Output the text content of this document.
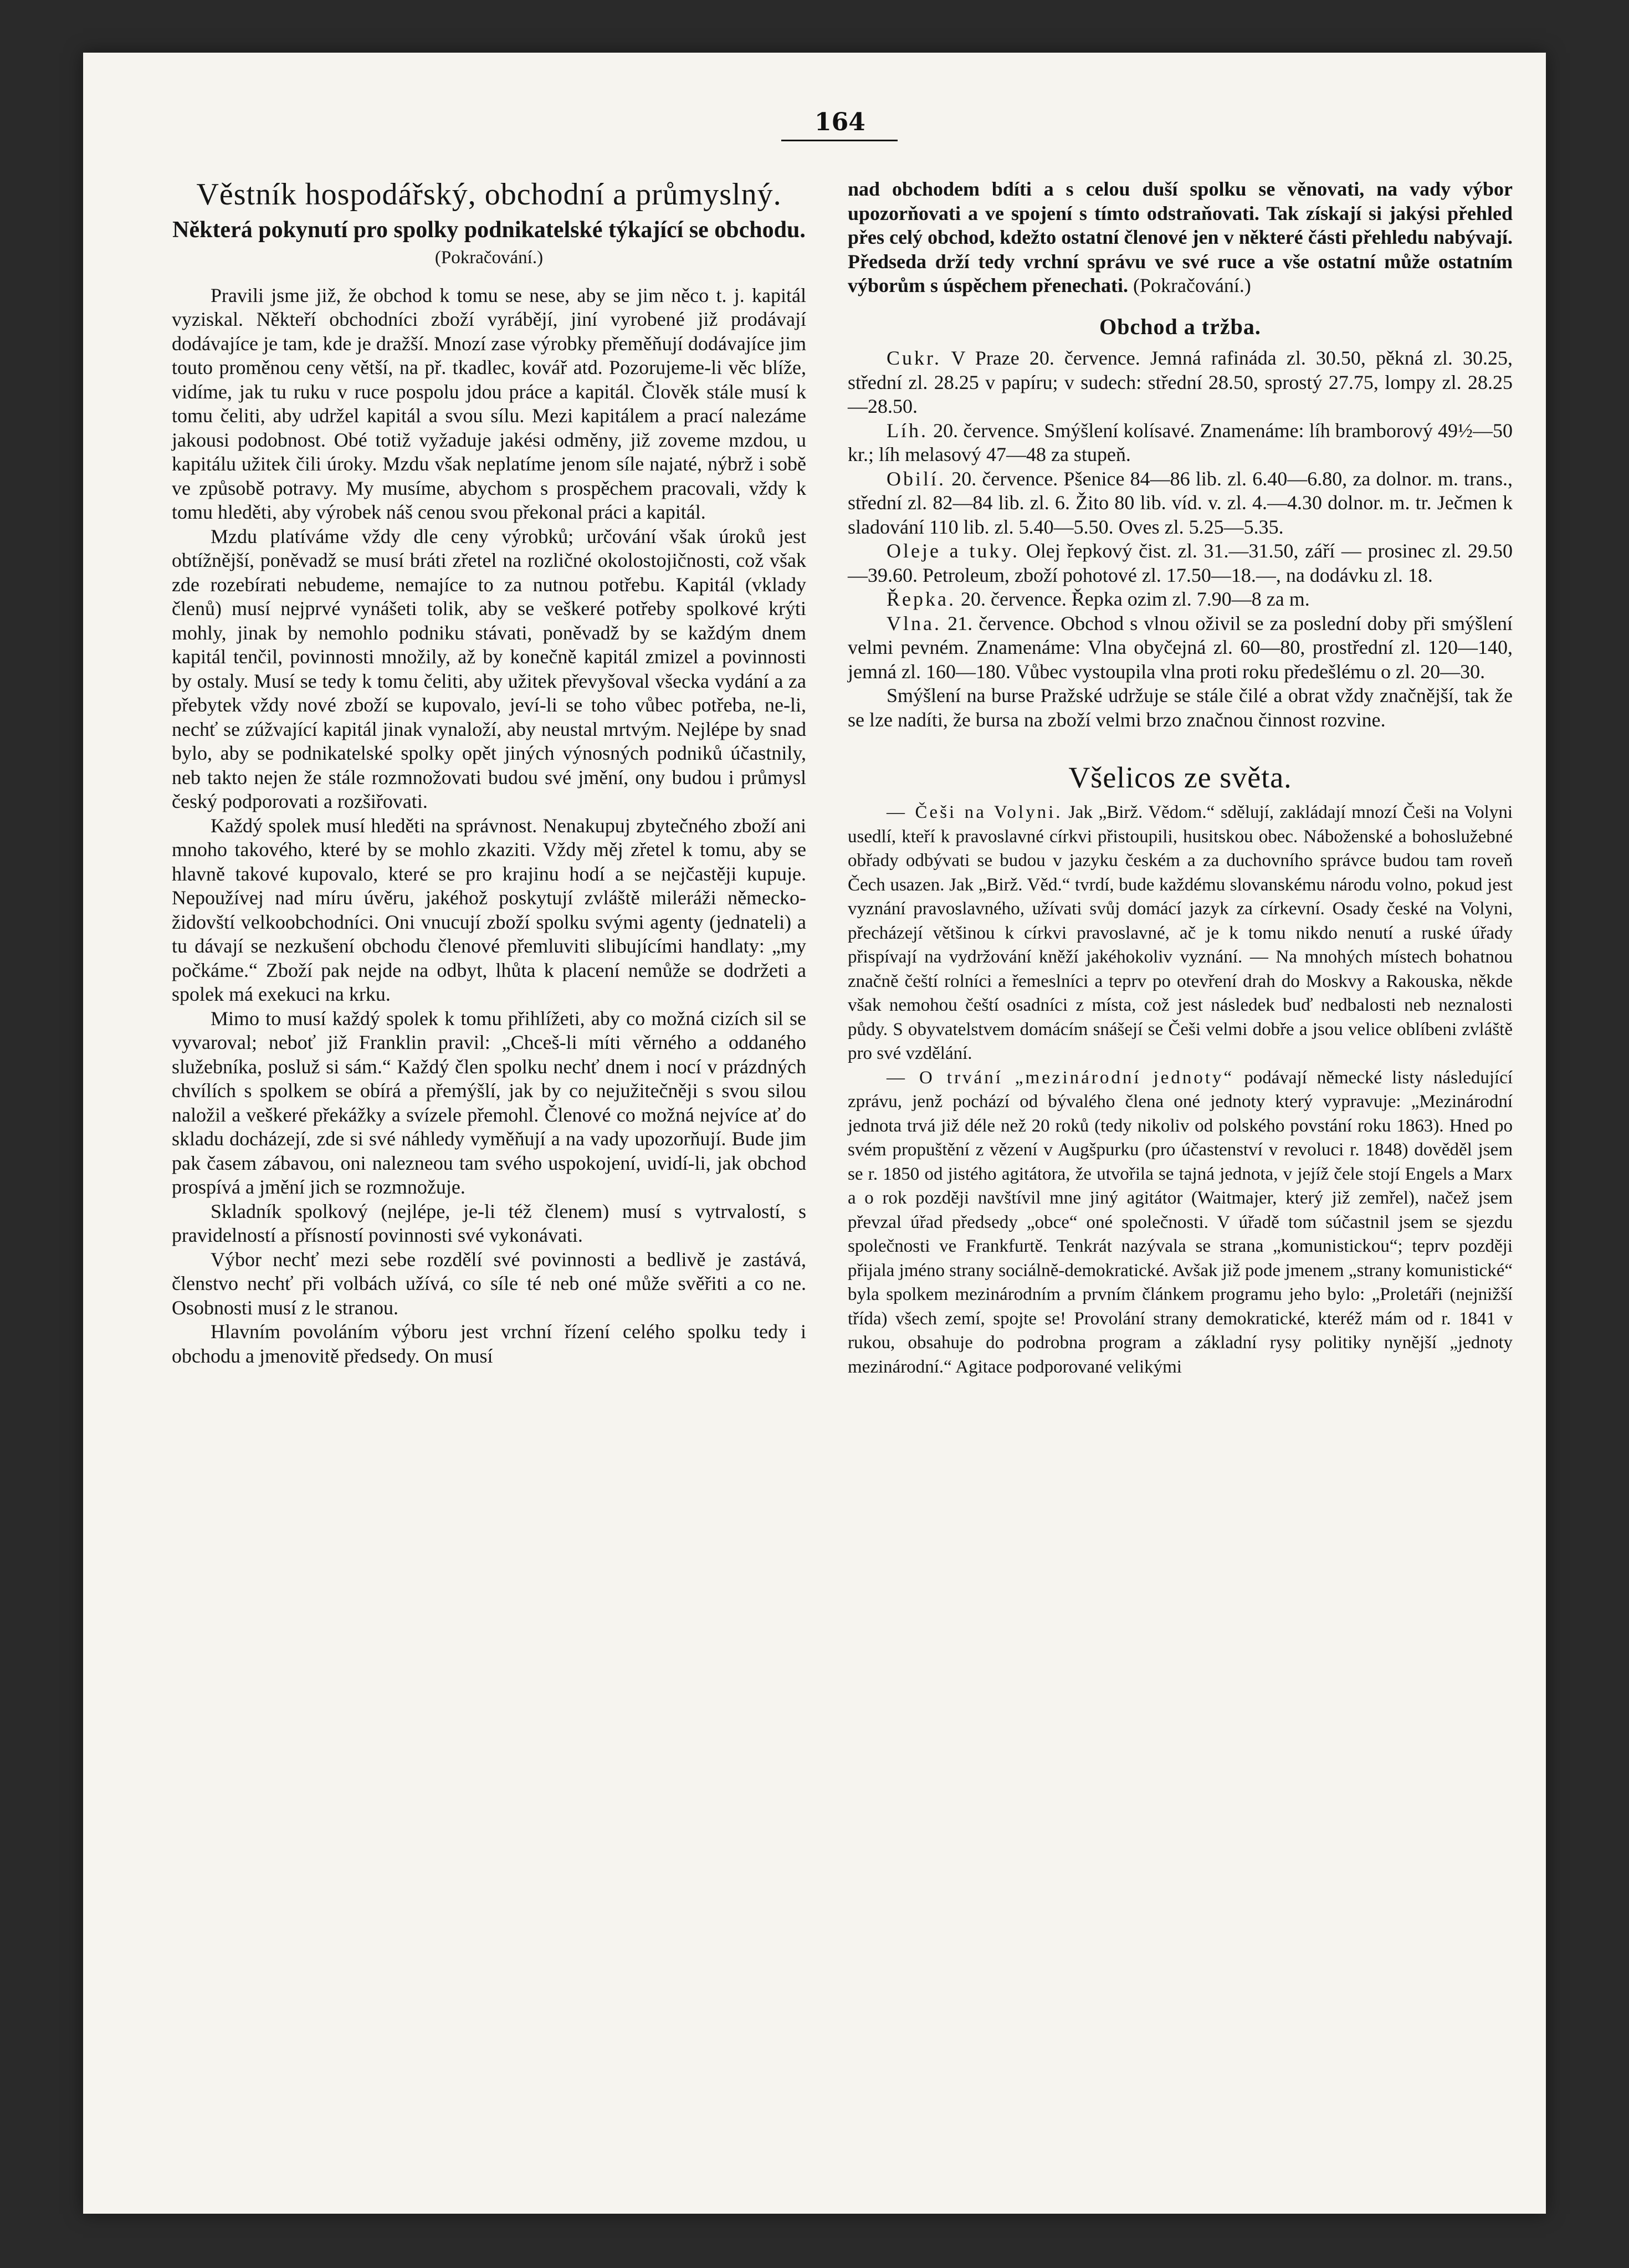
164
Věstník hospodářský, obchodní a průmyslný.
Některá pokynutí pro spolky podnikatelské týkající se obchodu.
(Pokračování.)

Pravili jsme již, že obchod k tomu se nese, aby se jim něco t. j. kapitál vyziskal. Někteří obchodníci zboží vyrábějí, jiní vyrobené již prodávají dodávajíce je tam, kde je dražší. Mnozí zase výrobky přeměňují dodávajíce jim touto proměnou ceny větší, na př. tkadlec, kovář atd. Pozorujeme-li věc blíže, vidíme, jak tu ruku v ruce pospolu jdou práce a kapitál. Člověk stále musí k tomu čeliti, aby udržel kapitál a svou sílu. Mezi kapitálem a prací nalezáme jakousi podobnost. Obé totiž vyžaduje jakési odměny, již zoveme mzdou, u kapitálu užitek čili úroky. Mzdu však neplatíme jenom síle najaté, nýbrž i sobě ve způsobě potravy. My musíme, abychom s prospěchem pracovali, vždy k tomu hleděti, aby výrobek náš cenou svou překonal práci a kapitál.

Mzdu platíváme vždy dle ceny výrobků; určování však úroků jest obtížnější, poněvadž se musí bráti zřetel na rozličné okolostojičnosti, což však zde rozebírati nebudeme, nemajíce to za nutnou potřebu. Kapitál (vklady členů) musí nejprvé vynášeti tolik, aby se veškeré potřeby spolkové krýti mohly, jinak by nemohlo podniku stávati, poněvadž by se každým dnem kapitál tenčil, povinnosti množily, až by konečně kapitál zmizel a povinnosti by ostaly. Musí se tedy k tomu čeliti, aby užitek převyšoval všecka vydání a za přebytek vždy nové zboží se kupovalo, jeví-li se toho vůbec potřeba, ne-li, nechť se zúžvající kapitál jinak vynaloží, aby neustal mrtvým. Nejlépe by snad bylo, aby se podnikatelské spolky opět jiných výnosných podniků účastnily, neb takto nejen že stále rozmnožovati budou své jmění, ony budou i průmysl český podporovati a rozšiřovati.

Každý spolek musí hleděti na správnost. Nenakupuj zbytečného zboží ani mnoho takového, které by se mohlo zkaziti. Vždy měj zřetel k tomu, aby se hlavně takové kupovalo, které se pro krajinu hodí a se nejčastěji kupuje. Nepoužívej nad míru úvěru, jakéhož poskytují zvláště mileráži německo-židovští velkoobchodníci. Oni vnucují zboží spolku svými agenty (jednateli) a tu dávají se nezkušení obchodu členové přemluviti slibujícími handlaty: „my počkáme.“ Zboží pak nejde na odbyt, lhůta k placení nemůže se dodržeti a spolek má exekuci na krku.

Mimo to musí každý spolek k tomu přihlížeti, aby co možná cizích sil se vyvaroval; neboť již Franklin pravil: „Chceš-li míti věrného a oddaného služebníka, posluž si sám.“ Každý člen spolku nechť dnem i nocí v prázdných chvílích s spolkem se obírá a přemýšlí, jak by co nejužitečněji s svou silou naložil a veškeré překážky a svízele přemohl. Členové co možná nejvíce ať do skladu docházejí, zde si své náhledy vyměňují a na vady upozorňují. Bude jim pak časem zábavou, oni nalezneou tam svého uspokojení, uvidí-li, jak obchod prospívá a jmění jich se rozmnožuje.

Skladník spolkový (nejlépe, je-li též členem) musí s vytrvalostí, s pravidelností a přísností povinnosti své vykonávati.

Výbor nechť mezi sebe rozdělí své povinnosti a bedlivě je zastává, členstvo nechť při volbách užívá, co síle té neb oné může svěřiti a co ne. Osobnosti musí z le stranou.

Hlavním povoláním výboru jest vrchní řízení celého spolku tedy i obchodu a jmenovitě předsedy. On musí

nad obchodem bdíti a s celou duší spolku se věnovati, na vady výbor upozorňovati a ve spojení s tímto odstraňovati. Tak získají si jakýsi přehled přes celý obchod, kdežto ostatní členové jen v některé části přehledu nabývají. Předseda drží tedy vrchní správu ve své ruce a vše ostatní může ostatním výborům s úspěchem přenechati. (Pokračování.)

Obchod a tržba.

Cukr. V Praze 20. července. Jemná rafináda zl. 30.50, pěkná zl. 30.25, střední zl. 28.25 v papíru; v sudech: střední 28.50, sprostý 27.75, lompy zl. 28.25—28.50.

Líh. 20. července. Smýšlení kolísavé. Znamenáme: líh bramborový 49½—50 kr.; líh melasový 47—48 za stupeň.

Obilí. 20. července. Pšenice 84—86 lib. zl. 6.40—6.80, za dolnor. m. trans., střední zl. 82—84 lib. zl. 6. Žito 80 lib. víd. v. zl. 4.—4.30 dolnor. m. tr. Ječmen k sladování 110 lib. zl. 5.40—5.50. Oves zl. 5.25—5.35.

Oleje a tuky. Olej řepkový čist. zl. 31.—31.50, září — prosinec zl. 29.50—39.60. Petroleum, zboží pohotové zl. 17.50—18.—, na dodávku zl. 18.

Řepka. 20. července. Řepka ozim zl. 7.90—8 za m.

Vlna. 21. července. Obchod s vlnou oživil se za poslední doby při smýšlení velmi pevném. Znamenáme: Vlna obyčejná zl. 60—80, prostřední zl. 120—140, jemná zl. 160—180. Vůbec vystoupila vlna proti roku předešlému o zl. 20—30.

Smýšlení na burse Pražské udržuje se stále čilé a obrat vždy značnější, tak že se lze nadíti, že bursa na zboží velmi brzo značnou činnost rozvine.

Všelicos ze světa.

— Češi na Volyni. Jak „Birž. Vědom.“ sdělují, zakládají mnozí Češi na Volyni usedlí, kteří k pravoslavné církvi přistoupili, husitskou obec. Náboženské a bohoslužebné obřady odbývati se budou v jazyku českém a za duchovního správce budou tam roveň Čech usazen. Jak „Birž. Věd.“ tvrdí, bude každému slovanskému národu volno, pokud jest vyznání pravoslavného, užívati svůj domácí jazyk za církevní. Osady české na Volyni, přecházejí většinou k církvi pravoslavné, ač je k tomu nikdo nenutí a ruské úřady přispívají na vydržování kněží jakéhokoliv vyznání. — Na mnohých místech bohatnou značně čeští rolníci a řemeslníci a teprv po otevření drah do Moskvy a Rakouska, někde však nemohou čeští osadníci z místa, což jest následek buď nedbalosti neb neznalosti půdy. S obyvatelstvem domácím snášejí se Češi velmi dobře a jsou velice oblíbeni zvláště pro své vzdělání.

— O trvání „mezinárodní jednoty“ podávají německé listy následující zprávu, jenž pochází od bývalého člena oné jednoty který vypravuje: „Mezinárodní jednota trvá již déle než 20 roků (tedy nikoliv od polského povstání roku 1863). Hned po svém propuštění z vězení v Augšpurku (pro účastenství v revoluci r. 1848) dověděl jsem se r. 1850 od jistého agitátora, že utvořila se tajná jednota, v jejíž čele stojí Engels a Marx a o rok později navštívil mne jiný agitátor (Waitmajer, který již zemřel), načež jsem převzal úřad předsedy „obce“ oné společnosti. V úřadě tom súčastnil jsem se sjezdu společnosti ve Frankfurtě. Tenkrát nazývala se strana „komunistickou“; teprv později přijala jméno strany sociálně-demokratické. Avšak již pode jmenem „strany komunistické“ byla spolkem mezinárodním a prvním článkem programu jeho bylo: „Proletáři (nejnižší třída) všech zemí, spojte se! Provolání strany demokratické, kteréž mám od r. 1841 v rukou, obsahuje do podrobna program a základní rysy politiky nynější „jednoty mezinárodní.“ Agitace podporované velikými
